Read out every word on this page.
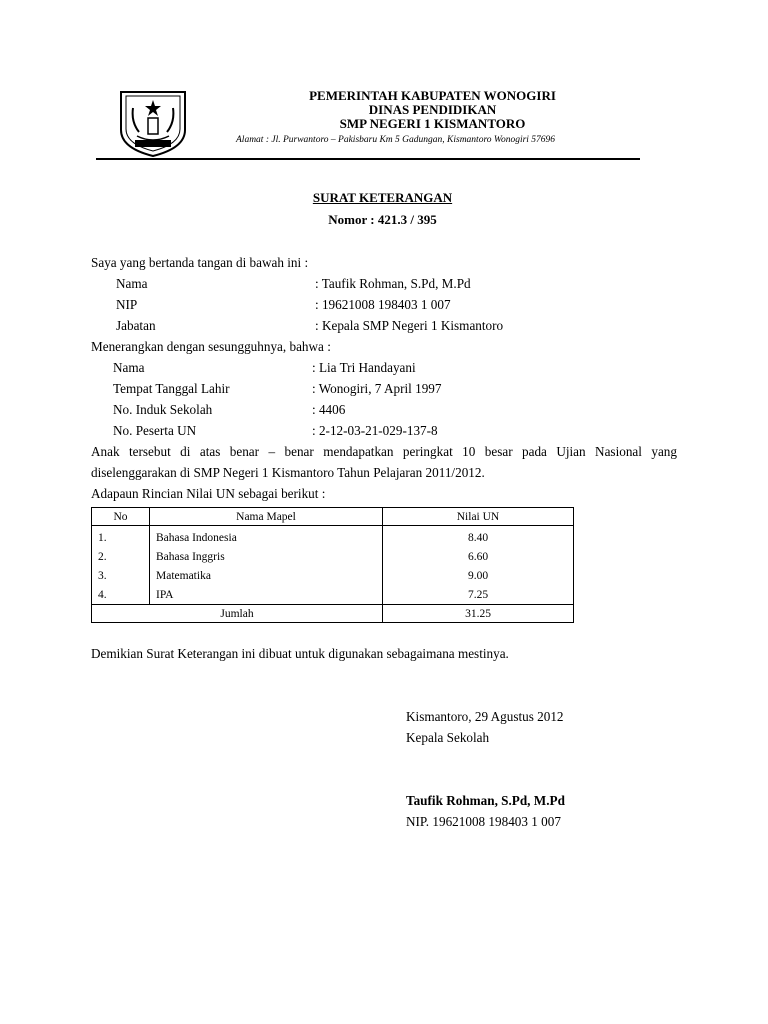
PEMERINTAH KABUPATEN WONOGIRI
DINAS PENDIDIKAN
SMP NEGERI 1 KISMANTORO
Alamat : Jl. Purwantoro – Pakisbaru Km 5 Gadungan, Kismantoro Wonogiri 57696
SURAT KETERANGAN
Nomor : 421.3 / 395
Saya yang bertanda tangan di bawah ini :
Nama	: Taufik Rohman, S.Pd, M.Pd
NIP	: 19621008 198403 1 007
Jabatan	: Kepala SMP Negeri 1 Kismantoro
Menerangkan dengan sesungguhnya, bahwa :
Nama	: Lia Tri Handayani
Tempat Tanggal Lahir	: Wonogiri, 7 April 1997
No. Induk Sekolah	: 4406
No. Peserta UN	: 2-12-03-21-029-137-8
Anak tersebut di atas benar – benar mendapatkan peringkat 10 besar pada Ujian Nasional yang
diselenggarakan di SMP Negeri 1 Kismantoro Tahun Pelajaran 2011/2012.
Adapaun Rincian Nilai UN sebagai berikut :
No	Nama Mapel	Nilai UN
1.	Bahasa Indonesia	8.40
2.	Bahasa Inggris	6.60
3.	Matematika	9.00
4.	IPA	7.25
Jumlah		31.25
Demikian Surat Keterangan ini dibuat untuk digunakan sebagaimana mestinya.
Kismantoro, 29 Agustus 2012
Kepala Sekolah
Taufik Rohman, S.Pd, M.Pd
NIP. 19621008 198403 1 007
